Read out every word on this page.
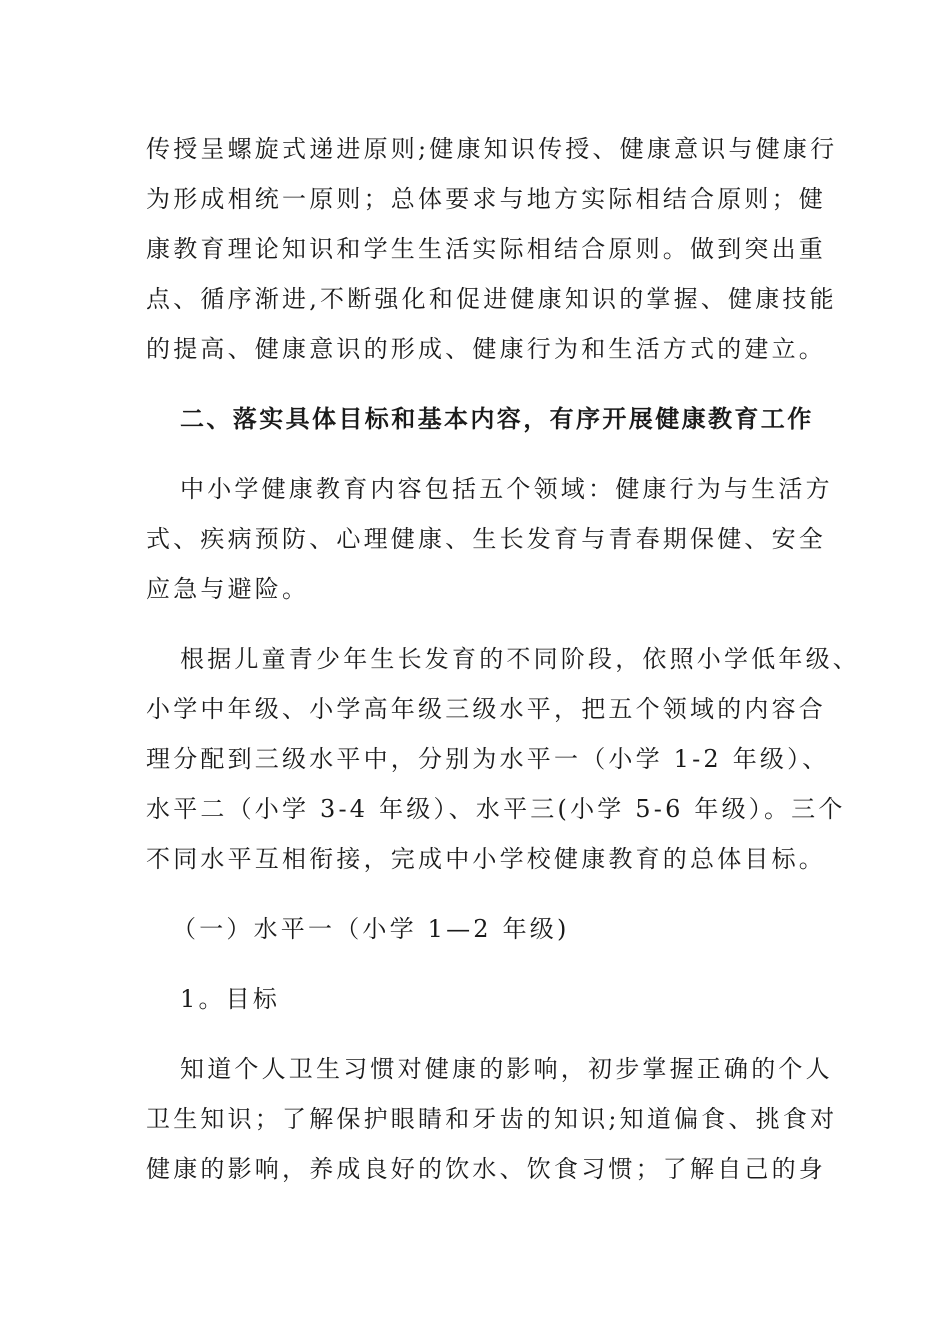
传授呈螺旋式递进原则;健康知识传授、健康意识与健康行
为形成相统一原则；总体要求与地方实际相结合原则；健
康教育理论知识和学生生活实际相结合原则。做到突出重
点、循序渐进,不断强化和促进健康知识的掌握、健康技能
的提高、健康意识的形成、健康行为和生活方式的建立。
二、落实具体目标和基本内容，有序开展健康教育工作
中小学健康教育内容包括五个领域：健康行为与生活方
式、疾病预防、心理健康、生长发育与青春期保健、安全
应急与避险。
根据儿童青少年生长发育的不同阶段，依照小学低年级、
小学中年级、小学高年级三级水平，把五个领域的内容合
理分配到三级水平中，分别为水平一（小学 1-2 年级）、
水平二（小学 3-4 年级）、水平三(小学 5-6 年级）。三个
不同水平互相衔接，完成中小学校健康教育的总体目标。
（一）水平一（小学 1—2 年级)
1。目标
知道个人卫生习惯对健康的影响，初步掌握正确的个人
卫生知识；了解保护眼睛和牙齿的知识;知道偏食、挑食对
健康的影响，养成良好的饮水、饮食习惯；了解自己的身
